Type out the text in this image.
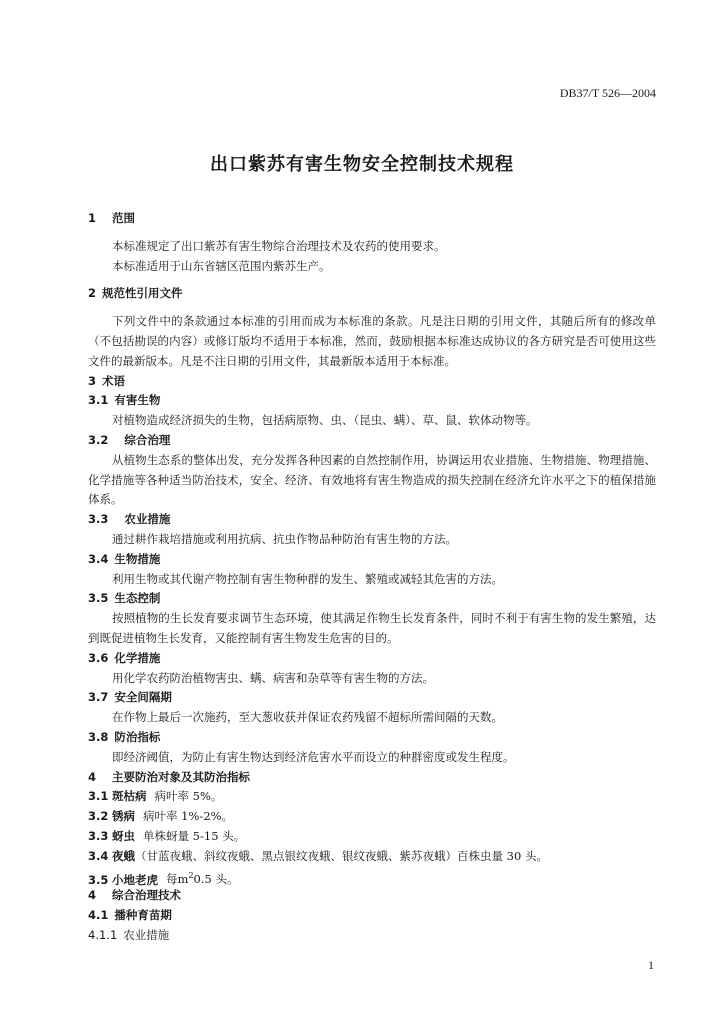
DB37/T 526—2004
出口紫苏有害生物安全控制技术规程
1 范围
本标准规定了出口紫苏有害生物综合治理技术及农药的使用要求。
本标准适用于山东省辖区范围内紫苏生产。
2 规范性引用文件
下列文件中的条款通过本标准的引用而成为本标准的条款。凡是注日期的引用文件，其随后所有的修改单（不包括勘误的内容）或修订版均不适用于本标准，然而，鼓励根据本标准达成协议的各方研究是否可使用这些文件的最新版本。凡是不注日期的引用文件，其最新版本适用于本标准。
3 术语
3.1 有害生物
对植物造成经济损失的生物，包括病原物、虫、（昆虫、螨）、草、鼠、软体动物等。
3.2 综合治理
从植物生态系的整体出发，充分发挥各种因素的自然控制作用，协调运用农业措施、生物措施、物理措施、化学措施等各种适当防治技术，安全、经济、有效地将有害生物造成的损失控制在经济允许水平之下的植保措施体系。
3.3 农业措施
通过耕作栽培措施或利用抗病、抗虫作物品种防治有害生物的方法。
3.4 生物措施
利用生物或其代谢产物控制有害生物种群的发生、繁殖或减轻其危害的方法。
3.5 生态控制
按照植物的生长发育要求调节生态环境，使其满足作物生长发育条件，同时不利于有害生物的发生繁殖，达到既促进植物生长发育，又能控制有害生物发生危害的目的。
3.6 化学措施
用化学农药防治植物害虫、螨、病害和杂草等有害生物的方法。
3.7 安全间隔期
在作物上最后一次施药，至大葱收获并保证农药残留不超标所需间隔的天数。
3.8 防治指标
即经济阈值，为防止有害生物达到经济危害水平而设立的种群密度或发生程度。
4 主要防治对象及其防治指标
3.1 斑枯病 病叶率 5%。
3.2 锈病 病叶率 1%-2%。
3.3 蚜虫 单株蚜量 5-15 头。
3.4 夜蛾（甘蓝夜蛾、斜纹夜蛾、黑点银纹夜蛾、银纹夜蛾、紫苏夜蛾）百株虫量 30 头。
3.5 小地老虎 每$m^20.5$ 头。
4 综合治理技术
4.1 播种育苗期
4.1.1 农业措施
1
